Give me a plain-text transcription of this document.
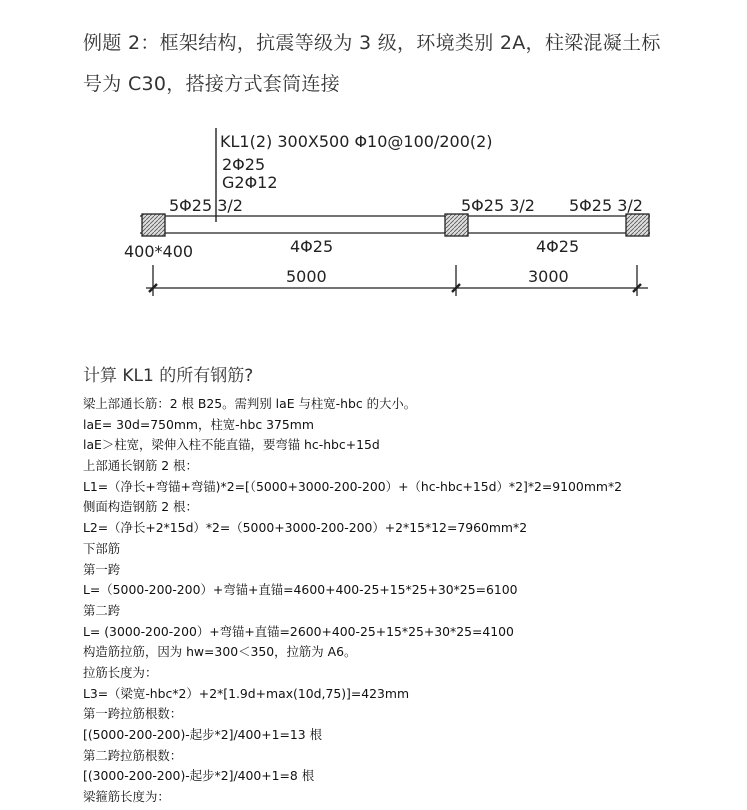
例题 2：框架结构，抗震等级为 3 级，环境类别 2A，柱梁混凝土标
号为 C30，搭接方式套筒连接
KL1(2) 300X500 Φ10@100/200(2)
2Φ25
G2Φ12
5Φ25 3/2	5Φ25 3/2 5Φ25 3/2
400*400	4Φ25	4Φ25
5000	3000
计算 KL1 的所有钢筋?
梁上部通长筋：2 根 B25。需判别 laE 与柱宽-hbc 的大小。
laE= 30d=750mm，柱宽-hbc 375mm
laE＞柱宽，梁伸入柱不能直锚，要弯锚 hc-hbc+15d
上部通长钢筋 2 根：
L1=（净长+弯锚+弯锚)*2=[（5000+3000-200-200）+（hc-hbc+15d）*2]*2=9100mm*2
侧面构造钢筋 2 根：
L2=（净长+2*15d）*2=（5000+3000-200-200）+2*15*12=7960mm*2
下部筋
第一跨
L=（5000-200-200）+弯锚+直锚=4600+400-25+15*25+30*25=6100
第二跨
L= (3000-200-200）+弯锚+直锚=2600+400-25+15*25+30*25=4100
构造筋拉筋，因为 hw=300＜350，拉筋为 A6。
拉筋长度为：
L3=（梁宽-hbc*2）+2*[1.9d+max(10d,75)]=423mm
第一跨拉筋根数：
[(5000-200-200)-起步*2]/400+1=13 根
第二跨拉筋根数：
[(3000-200-200)-起步*2]/400+1=8 根
梁箍筋长度为：
